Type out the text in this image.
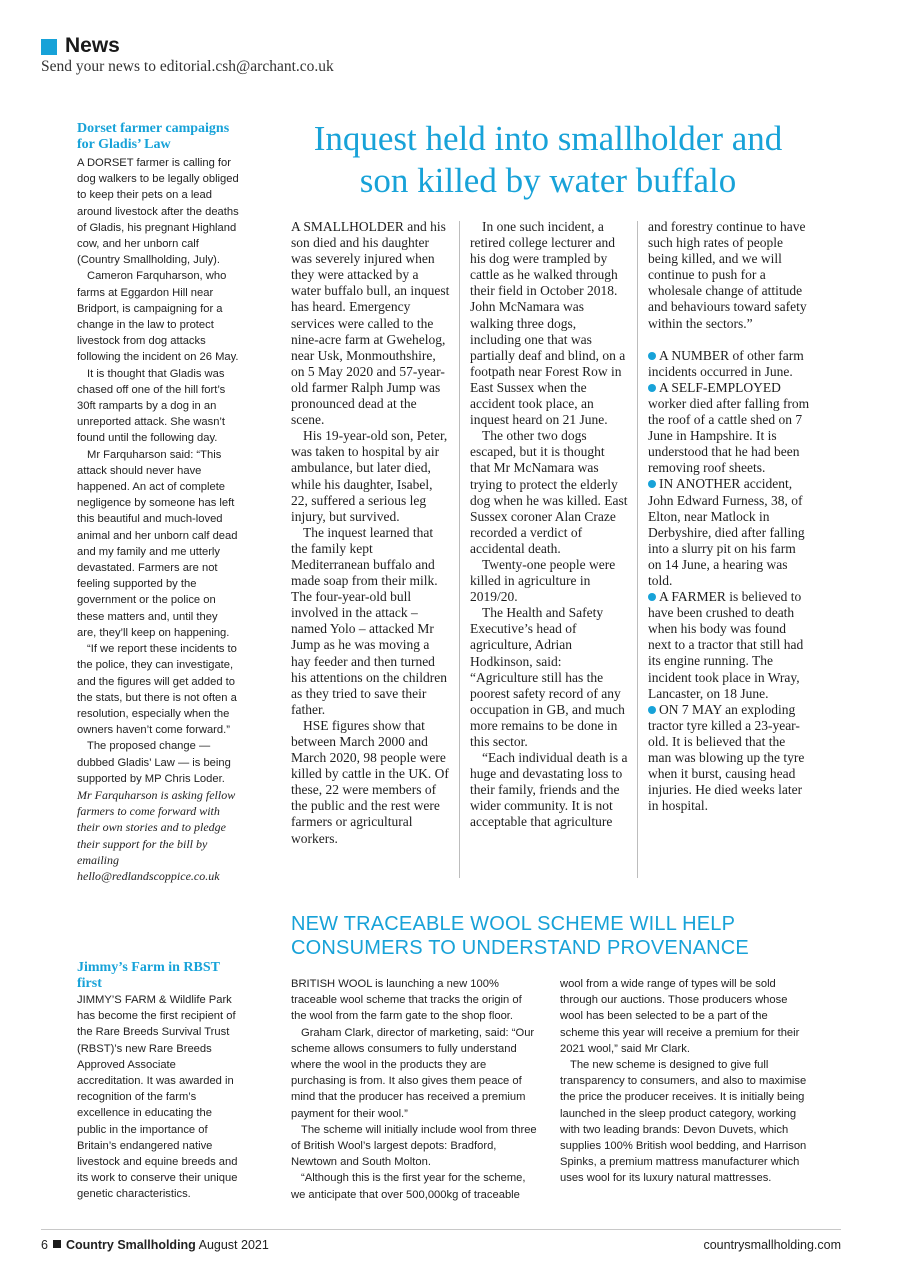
News
Send your news to editorial.csh@archant.co.uk
Dorset farmer campaigns for Gladis’ Law

A DORSET farmer is calling for dog walkers to be legally obliged to keep their pets on a lead around livestock after the deaths of Gladis, his pregnant Highland cow, and her unborn calf (Country Smallholding, July).

Cameron Farquharson, who farms at Eggardon Hill near Bridport, is campaigning for a change in the law to protect livestock from dog attacks following the incident on 26 May.

It is thought that Gladis was chased off one of the hill fort’s 30ft ramparts by a dog in an unreported attack. She wasn’t found until the following day.

Mr Farquharson said: “This attack should never have happened. An act of complete negligence by someone has left this beautiful and much-loved animal and her unborn calf dead and my family and me utterly devastated. Farmers are not feeling supported by the government or the police on these matters and, until they are, they’ll keep on happening.

“If we report these incidents to the police, they can investigate, and the figures will get added to the stats, but there is not often a resolution, especially when the owners haven’t come forward.”

The proposed change — dubbed Gladis’ Law — is being supported by MP Chris Loder.

Mr Farquharson is asking fellow farmers to come forward with their own stories and to pledge their support for the bill by emailing hello@redlandscoppice.co.uk

Jimmy’s Farm in RBST first

JIMMY’S FARM & Wildlife Park has become the first recipient of the Rare Breeds Survival Trust (RBST)’s new Rare Breeds Approved Associate accreditation. It was awarded in recognition of the farm’s excellence in educating the public in the importance of Britain’s endangered native livestock and equine breeds and its work to conserve their unique genetic characteristics.

Inquest held into smallholder and son killed by water buffalo

A SMALLHOLDER and his son died and his daughter was severely injured when they were attacked by a water buffalo bull, an inquest has heard. Emergency services were called to the nine-acre farm at Gwehelog, near Usk, Monmouthshire, on 5 May 2020 and 57-year-old farmer Ralph Jump was pronounced dead at the scene.

His 19-year-old son, Peter, was taken to hospital by air ambulance, but later died, while his daughter, Isabel, 22, suffered a serious leg injury, but survived.

The inquest learned that the family kept Mediterranean buffalo and made soap from their milk. The four-year-old bull involved in the attack – named Yolo – attacked Mr Jump as he was moving a hay feeder and then turned his attentions on the children as they tried to save their father.

HSE figures show that between March 2000 and March 2020, 98 people were killed by cattle in the UK. Of these, 22 were members of the public and the rest were farmers or agricultural workers.

In one such incident, a retired college lecturer and his dog were trampled by cattle as he walked through their field in October 2018. John McNamara was walking three dogs, including one that was partially deaf and blind, on a footpath near Forest Row in East Sussex when the accident took place, an inquest heard on 21 June.

The other two dogs escaped, but it is thought that Mr McNamara was trying to protect the elderly dog when he was killed. East Sussex coroner Alan Craze recorded a verdict of accidental death.

Twenty-one people were killed in agriculture in 2019/20.

The Health and Safety Executive’s head of agriculture, Adrian Hodkinson, said: “Agriculture still has the poorest safety record of any occupation in GB, and much more remains to be done in this sector.

“Each individual death is a huge and devastating loss to their family, friends and the wider community. It is not acceptable that agriculture

and forestry continue to have such high rates of people being killed, and we will continue to push for a wholesale change of attitude and behaviours toward safety within the sectors.”

A NUMBER of other farm incidents occurred in June.

A SELF-EMPLOYED worker died after falling from the roof of a cattle shed on 7 June in Hampshire. It is understood that he had been removing roof sheets.

IN ANOTHER accident, John Edward Furness, 38, of Elton, near Matlock in Derbyshire, died after falling into a slurry pit on his farm on 14 June, a hearing was told.

A FARMER is believed to have been crushed to death when his body was found next to a tractor that still had its engine running. The incident took place in Wray, Lancaster, on 18 June.

ON 7 MAY an exploding tractor tyre killed a 23-year-old. It is believed that the man was blowing up the tyre when it burst, causing head injuries. He died weeks later in hospital.

NEW TRACEABLE WOOL SCHEME WILL HELP CONSUMERS TO UNDERSTAND PROVENANCE

BRITISH WOOL is launching a new 100% traceable wool scheme that tracks the origin of the wool from the farm gate to the shop floor.

Graham Clark, director of marketing, said: “Our scheme allows consumers to fully understand where the wool in the products they are purchasing is from. It also gives them peace of mind that the producer has received a premium payment for their wool.”

The scheme will initially include wool from three of British Wool’s largest depots: Bradford, Newtown and South Molton.

“Although this is the first year for the scheme, we anticipate that over 500,000kg of traceable

wool from a wide range of types will be sold through our auctions. Those producers whose wool has been selected to be a part of the scheme this year will receive a premium for their 2021 wool,” said Mr Clark.

The new scheme is designed to give full transparency to consumers, and also to maximise the price the producer receives. It is initially being launched in the sleep product category, working with two leading brands: Devon Duvets, which supplies 100% British wool bedding, and Harrison Spinks, a premium mattress manufacturer which uses wool for its luxury natural mattresses.

6 Country Smallholding August 2021	countrysmallholding.com
